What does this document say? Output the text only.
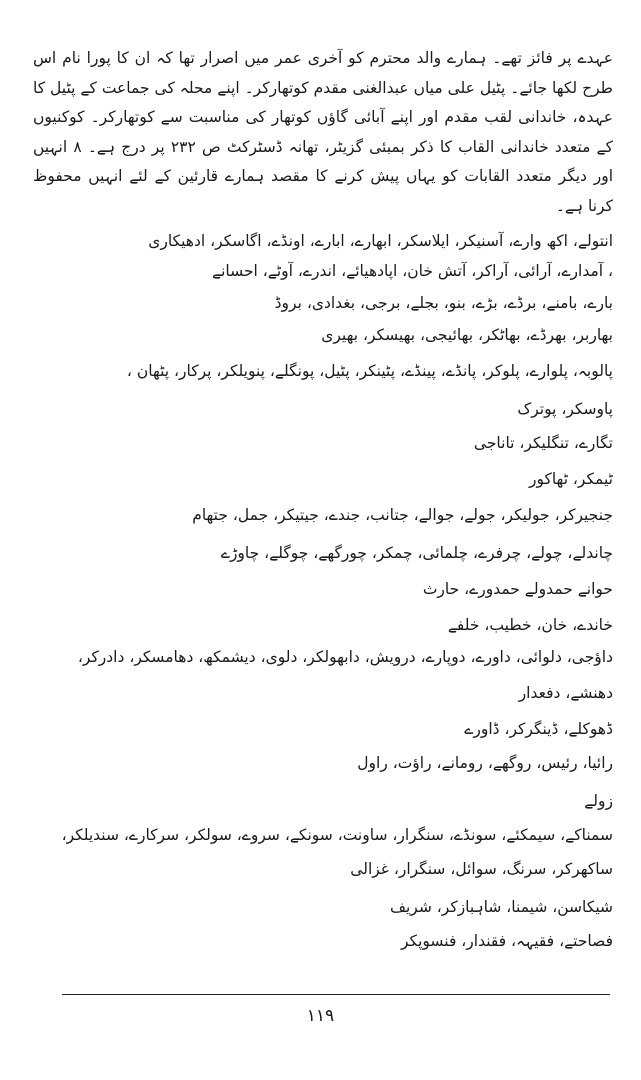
عہدے پر فائز تھے۔ ہمارے والد محترم کو آخری عمر میں اصرار تھا کہ ان کا پورا نام اس طرح لکھا جائے۔ پٹیل علی میاں عبدالغنی مقدم کوتھارکر۔ اپنے محلہ کی جماعت کے پٹیل کا عہدہ، خاندانی لقب مقدم اور اپنے آبائی گاؤں کوتھار کی مناسبت سے کوتھارکر۔ کوکنیوں کے متعدد خاندانی القاب کا ذکر بمبئی گزیٹر، تھانہ ڈسٹرکٹ ص ۲۳۲ پر درج ہے۔ ۸ انہیں اور دیگر متعدد القابات کو یہاں پیش کرنے کا مقصد ہمارے قارئین کے لئے انہیں محفوظ کرنا ہے۔
انتولے، اکھ وارے، آسنیکر، ایلاسکر، ابھارے، ابارے، اونڈے، اگاسکر، ادھیکاری
، آمدارے، آرائی، آراکر، آتش خان، اپادھیائے، اندرے، آوٹے، احسانے
بارے، بامنے، برڈے، بڑے، بنو، بجلے، برجی، بغدادی، بروڈ
بھاربر، بھرڈے، بھاٹکر، بھائیجی، بھیسکر، بھیری
پالوبہ، پلوارے، پلوکر، پانڈے، پینڈے، پٹینکر، پٹیل، پونگلے، پنویلکر، پرکار، پٹھان ،
پاوسکر، پوترک
تگارے، تنگلیکر، تاناجی
ٹیمکر، ٹھاکور
جنجیرکر، جولیکر، جولے، جوالے، جتانب، جندے، جیتیکر، جمل، جتھام
چاندلے، چولے، چرفرے، چلمائی، چمکر، چورگھے، چوگلے، چاوڑے
حوانے حمدولے حمدورے، حارث
خاندے، خان، خطیب، خلفے
داؤجی، دلوائی، داورے، دوپارے، درویش، دابھولکر، دلوی، دیشمکھ، دھامسکر، دادرکر،
دھنشے، دفعدار
ڈھوکلے، ڈینگرکر، ڈاورے
رائیا، رئیس، روگھے، رومانے، راؤت، راول
زولے
سمناکے، سیمکئے، سونڈے، سنگرار، ساونت، سونکے، سروے، سولکر، سرکارے، سندیلکر،
ساکھرکر، سرنگ، سوائل، سنگرار، غزالی
شیکاسن، شیمنا، شاہبازکر، شریف
فصاحتے، فقیہہ، فقندار، فنسوپکر
۱۱۹
